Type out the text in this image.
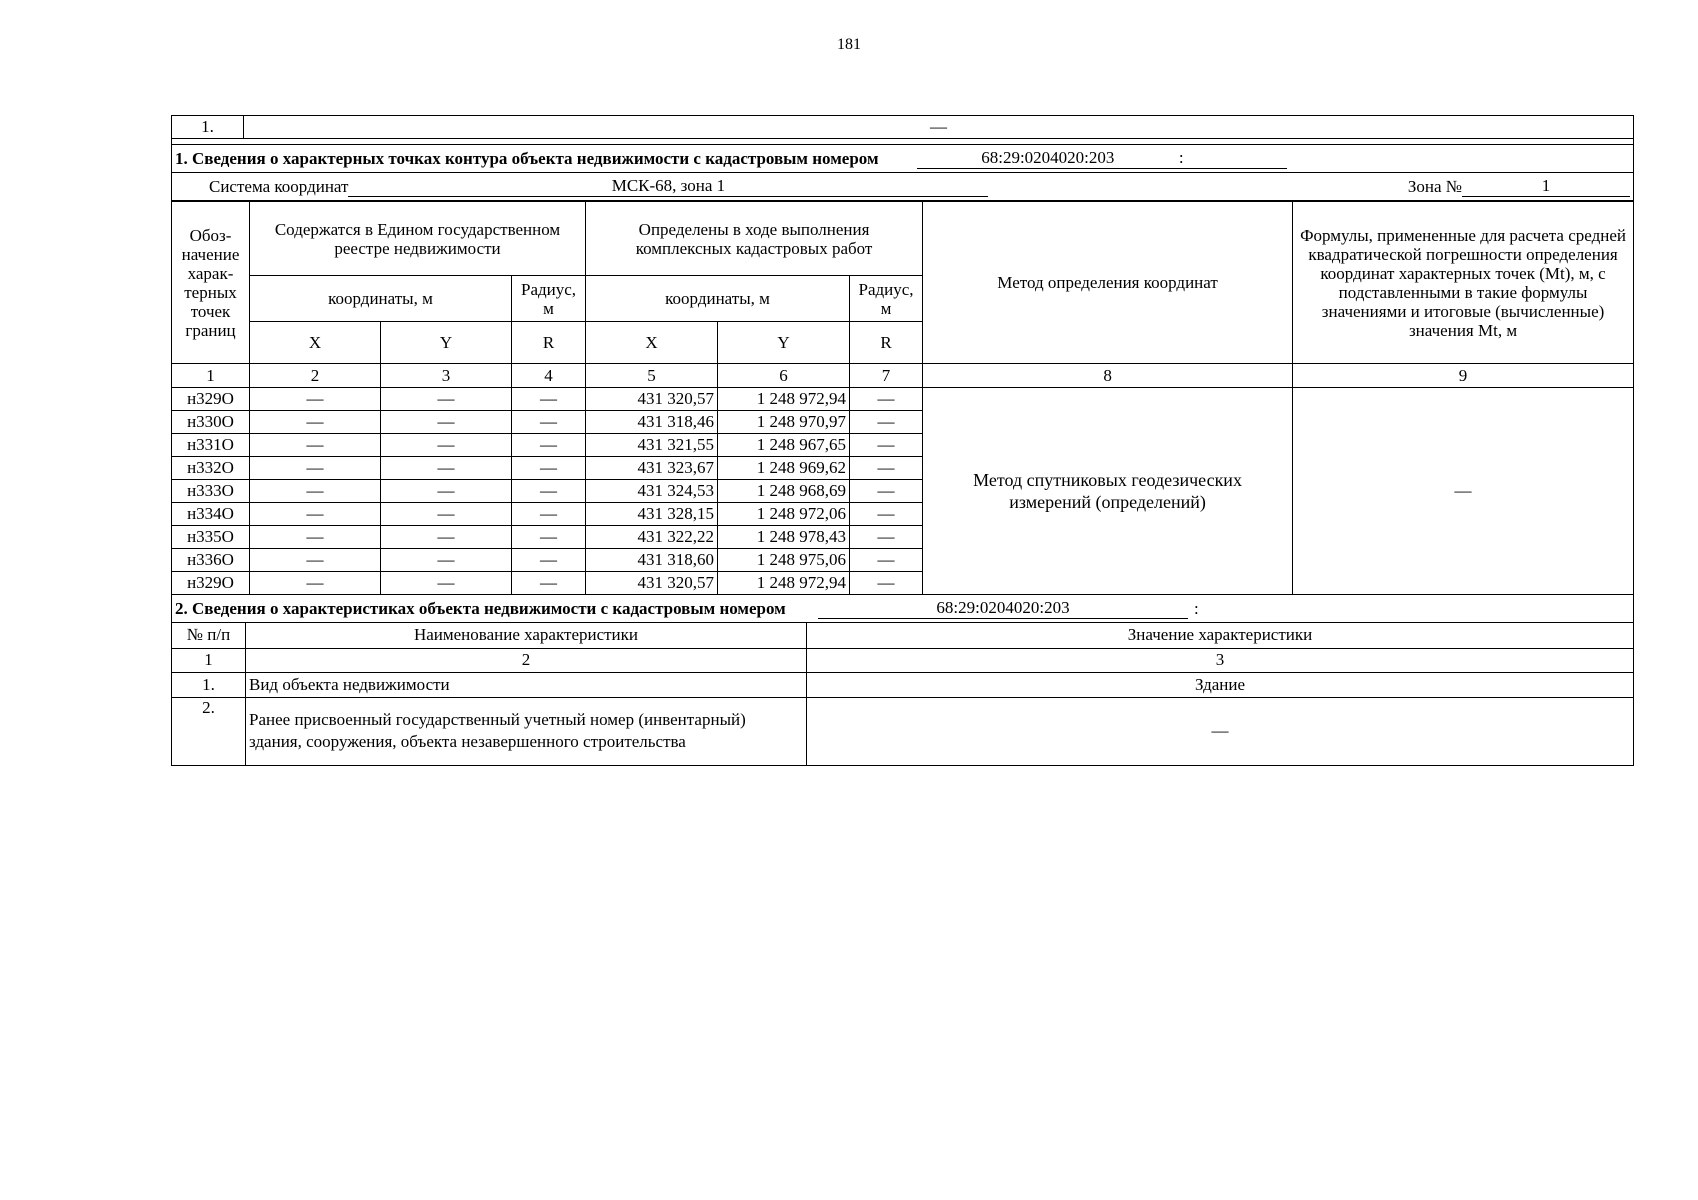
181
1.	—
1. Сведения о характерных точках контура объекта недвижимости с кадастровым номером	68:29:0204020:203	:
Система координат	МСК-68, зона 1	Зона №	1
Обоз-начение харак-терных точек границ	Содержатся в Едином государственном реестре недвижимости			Определены в ходе выполнения комплексных кадастровых работ			Метод определения координат	Формулы, примененные для расчета средней квадратической погрешности определения координат характерных точек (Mt), м, с подставленными в такие формулы значениями и итоговые (вычисленные) значения Mt, м
	координаты, м		Радиус, м	координаты, м		Радиус, м		
	X	Y	R	X	Y	R		
1	2	3	4	5	6	7	8	9
н329О	—	—	—	431 320,57	1 248 972,94	—	Метод спутниковых геодезических измерений (определений)	—
н330О	—	—	—	431 318,46	1 248 970,97	—		
н331О	—	—	—	431 321,55	1 248 967,65	—		
н332О	—	—	—	431 323,67	1 248 969,62	—		
н333О	—	—	—	431 324,53	1 248 968,69	—		
н334О	—	—	—	431 328,15	1 248 972,06	—		
н335О	—	—	—	431 322,22	1 248 978,43	—		
н336О	—	—	—	431 318,60	1 248 975,06	—		
н329О	—	—	—	431 320,57	1 248 972,94	—		
2. Сведения о характеристиках объекта недвижимости с кадастровым номером	68:29:0204020:203	:
№ п/п	Наименование характеристики	Значение характеристики
1	2	3
1.	Вид объекта недвижимости	Здание
2.	Ранее присвоенный государственный учетный номер (инвентарный) здания, сооружения, объекта незавершенного строительства	—
